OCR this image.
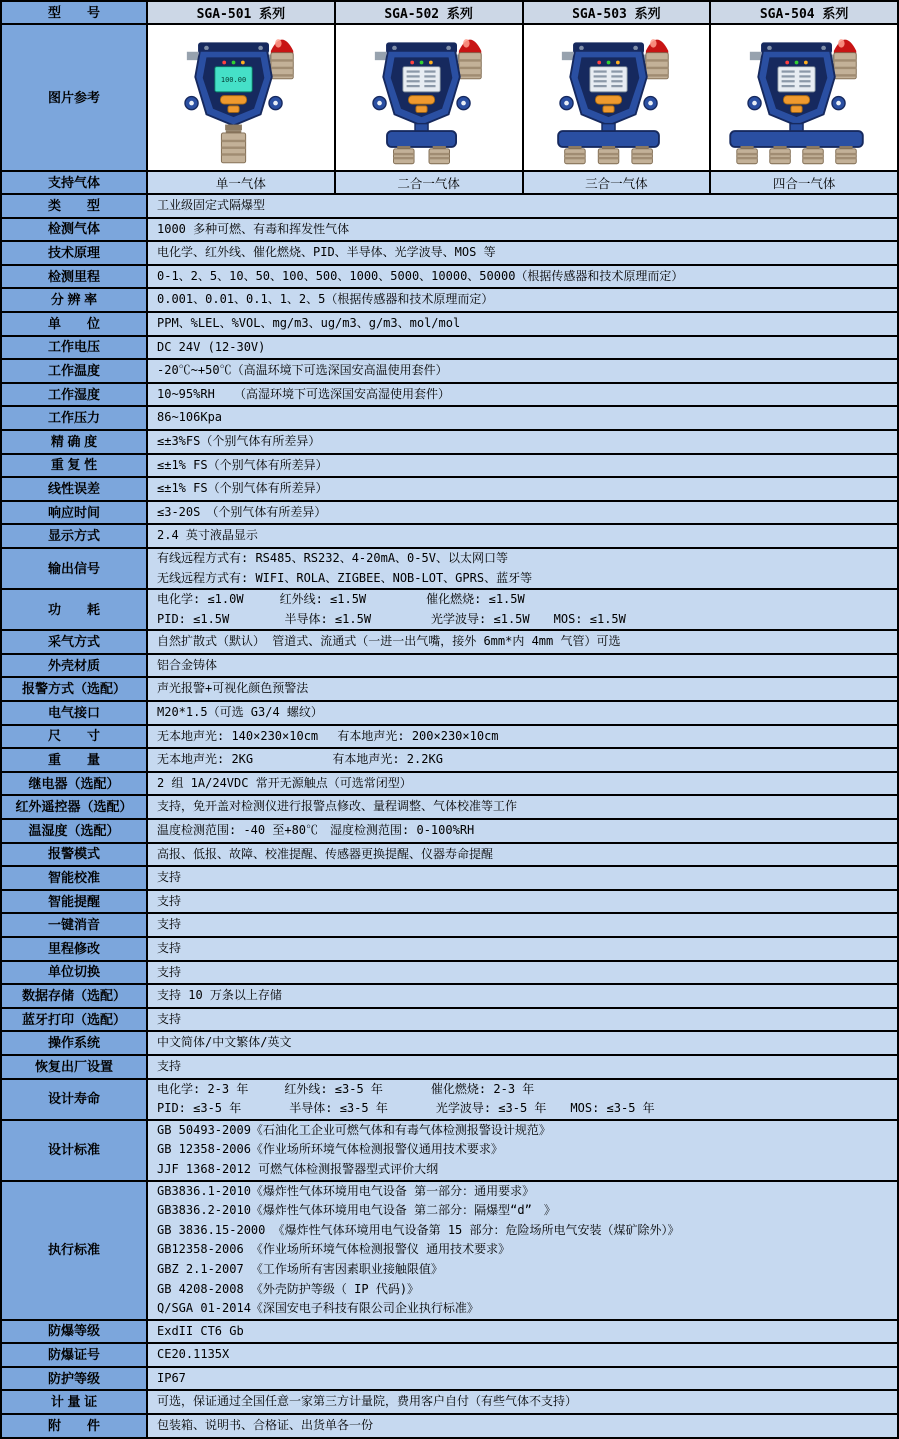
型　　号	SGA-501 系列	SGA-502 系列	SGA-503 系列	SGA-504 系列
图片参考
100.00
支持气体	单一气体	二合一气体	三合一气体	四合一气体
类　　型	工业级固定式隔爆型
检测气体	1000 多种可燃、有毒和挥发性气体
技术原理	电化学、红外线、催化燃烧、PID、半导体、光学波导、MOS 等
检测里程	0-1、2、5、10、50、100、500、1000、5000、10000、50000（根据传感器和技术原理而定）
分 辨 率	0.001、0.01、0.1、1、2、5（根据传感器和技术原理而定）
单　　位	PPM、%LEL、%VOL、mg/m3、ug/m3、g/m3、mol/mol
工作电压	DC 24V (12-30V)
工作温度	-20℃~+50℃（高温环境下可选深国安高温使用套件）
工作湿度	10~95%RH　 （高湿环境下可选深国安高湿使用套件）
工作压力	86~106Kpa
精 确 度	≤±3%FS（个别气体有所差异）
重 复 性	≤±1% FS（个别气体有所差异）
线性误差	≤±1% FS（个别气体有所差异）
响应时间	≤3-20S　（个别气体有所差异）
显示方式	2.4 英寸液晶显示
输出信号
有线远程方式有: RS485、RS232、4-20mA、0-5V、以太网口等
无线远程方式有: WIFI、ROLA、ZIGBEE、NOB-LOT、GPRS、蓝牙等
功　　耗
电化学: ≤1.0W　　　红外线: ≤1.5W　　　　　催化燃烧: ≤1.5W
PID: ≤1.5W　　　　 半导体: ≤1.5W　　　　　光学波导: ≤1.5W　　MOS: ≤1.5W
采气方式	自然扩散式（默认） 管道式、流通式（一进一出气嘴，接外 6mm*内 4mm 气管）可选
外壳材质	铝合金铸体
报警方式（选配）	声光报警+可视化颜色预警法
电气接口	M20*1.5（可选 G3/4 螺纹）
尺　　寸	无本地声光: 140×230×10cm　 有本地声光: 200×230×10cm
重　　量	无本地声光: 2KG　　　　　　 有本地声光: 2.2KG
继电器（选配）	2 组 1A/24VDC 常开无源触点（可选常闭型）
红外遥控器（选配）	支持，免开盖对检测仪进行报警点修改、量程调整、气体校准等工作
温湿度（选配）	温度检测范围: -40 至+80℃　湿度检测范围: 0-100%RH
报警模式	高报、低报、故障、校准提醒、传感器更换提醒、仪器寿命提醒
智能校准	支持
智能提醒	支持
一键消音	支持
里程修改	支持
单位切换	支持
数据存储（选配）	支持 10 万条以上存储
蓝牙打印（选配）	支持
操作系统	中文简体/中文繁体/英文
恢复出厂设置	支持
设计寿命
电化学: 2-3 年　　　红外线: ≤3-5 年　　　　催化燃烧: 2-3 年
PID: ≤3-5 年　　　　半导体: ≤3-5 年　　　　光学波导: ≤3-5 年　　MOS: ≤3-5 年
设计标准
GB 50493-2009《石油化工企业可燃气体和有毒气体检测报警设计规范》
GB 12358-2006《作业场所环境气体检测报警仪通用技术要求》
JJF 1368-2012 可燃气体检测报警器型式评价大纲
执行标准
GB3836.1-2010《爆炸性气体环境用电气设备 第一部分：通用要求》
GB3836.2-2010《爆炸性气体环境用电气设备 第二部分：隔爆型“d”　》
GB 3836.15-2000 《爆炸性气体环境用电气设备第 15 部分：危险场所电气安装（煤矿除外）》
GB12358-2006 《作业场所环境气体检测报警仪 通用技术要求》
GBZ 2.1-2007 《工作场所有害因素职业接触限值》
GB 4208-2008 《外壳防护等级（ IP 代码)》
Q/SGA 01-2014《深国安电子科技有限公司企业执行标准》
防爆等级	ExdII CT6 Gb
防爆证号	CE20.1135X
防护等级	IP67
计 量 证	可选，保证通过全国任意一家第三方计量院，费用客户自付（有些气体不支持）
附　　件	包装箱、说明书、合格证、出货单各一份
